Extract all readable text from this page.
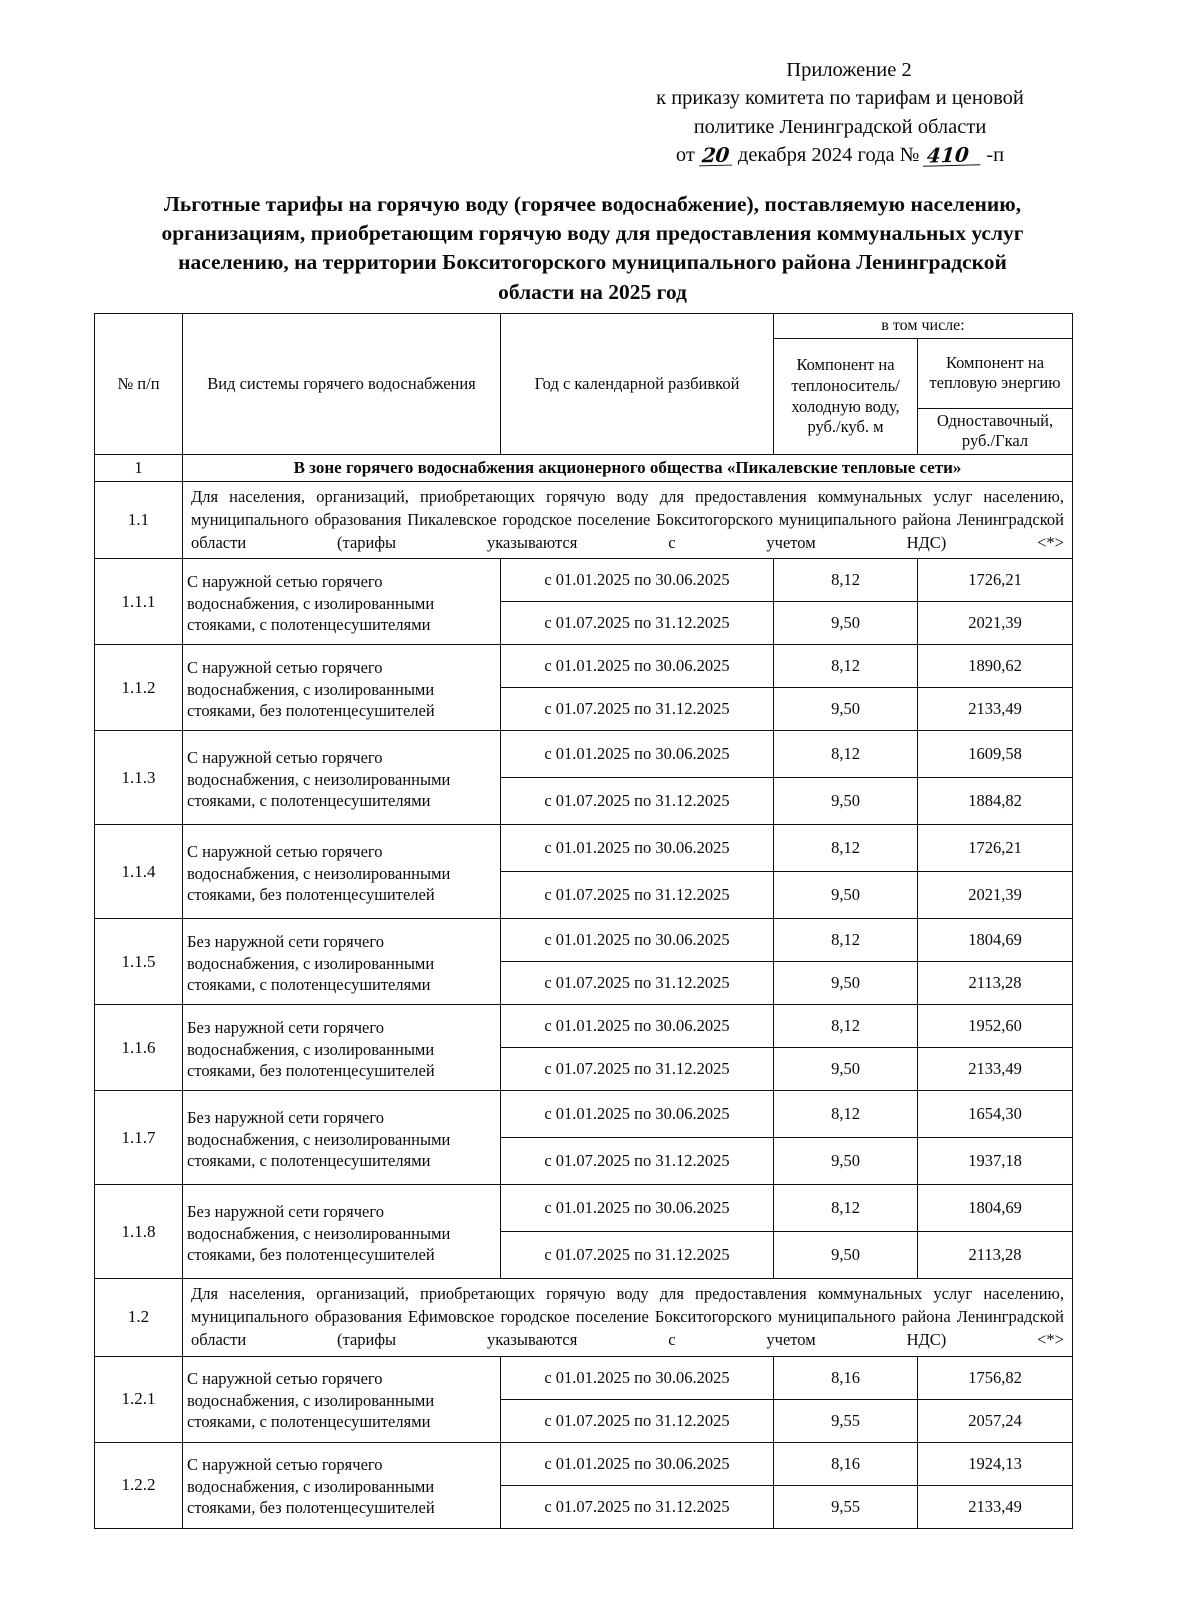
Приложение 2
к приказу комитета по тарифам и ценовой
политике Ленинградской области
от 20 декабря 2024 года № 410 -п
Льготные тарифы на горячую воду (горячее водоснабжение), поставляемую населению,
организациям, приобретающим горячую воду для предоставления коммунальных услуг
населению, на территории Бокситогорского муниципального района Ленинградской
области на 2025 год
№ п/п	Вид системы горячего водоснабжения	Год с календарной разбивкой	в том числе:	
			Компонент на теплоноситель/ холодную воду, руб./куб. м	Компонент на тепловую энергию
				Одноставочный, руб./Гкал
1	В зоне горячего водоснабжения акционерного общества «Пикалевские тепловые сети»			
1.1	Для населения, организаций, приобретающих горячую воду для предоставления коммунальных услуг населению, муниципального образования Пикалевское городское поселение Бокситогорского муниципального района Ленинградской области (тарифы указываются с учетом НДС) <*>			
1.1.1	С наружной сетью горячего водоснабжения, с изолированными стояками, с полотенцесушителями	с 01.01.2025 по 30.06.2025	8,12	1726,21
		с 01.07.2025 по 31.12.2025	9,50	2021,39
1.1.2	С наружной сетью горячего водоснабжения, с изолированными стояками, без полотенцесушителей	с 01.01.2025 по 30.06.2025	8,12	1890,62
		с 01.07.2025 по 31.12.2025	9,50	2133,49
1.1.3	С наружной сетью горячего водоснабжения, с неизолированными стояками, с полотенцесушителями	с 01.01.2025 по 30.06.2025	8,12	1609,58
		с 01.07.2025 по 31.12.2025	9,50	1884,82
1.1.4	С наружной сетью горячего водоснабжения, с неизолированными стояками, без полотенцесушителей	с 01.01.2025 по 30.06.2025	8,12	1726,21
		с 01.07.2025 по 31.12.2025	9,50	2021,39
1.1.5	Без наружной сети горячего водоснабжения, с изолированными стояками, с полотенцесушителями	с 01.01.2025 по 30.06.2025	8,12	1804,69
		с 01.07.2025 по 31.12.2025	9,50	2113,28
1.1.6	Без наружной сети горячего водоснабжения, с изолированными стояками, без полотенцесушителей	с 01.01.2025 по 30.06.2025	8,12	1952,60
		с 01.07.2025 по 31.12.2025	9,50	2133,49
1.1.7	Без наружной сети горячего водоснабжения, с неизолированными стояками, с полотенцесушителями	с 01.01.2025 по 30.06.2025	8,12	1654,30
		с 01.07.2025 по 31.12.2025	9,50	1937,18
1.1.8	Без наружной сети горячего водоснабжения, с неизолированными стояками, без полотенцесушителей	с 01.01.2025 по 30.06.2025	8,12	1804,69
		с 01.07.2025 по 31.12.2025	9,50	2113,28
1.2	Для населения, организаций, приобретающих горячую воду для предоставления коммунальных услуг населению, муниципального образования Ефимовское городское поселение Бокситогорского муниципального района Ленинградской области (тарифы указываются с учетом НДС) <*>			
1.2.1	С наружной сетью горячего водоснабжения, с изолированными стояками, с полотенцесушителями	с 01.01.2025 по 30.06.2025	8,16	1756,82
		с 01.07.2025 по 31.12.2025	9,55	2057,24
1.2.2	С наружной сетью горячего водоснабжения, с изолированными стояками, без полотенцесушителей	с 01.01.2025 по 30.06.2025	8,16	1924,13
		с 01.07.2025 по 31.12.2025	9,55	2133,49
